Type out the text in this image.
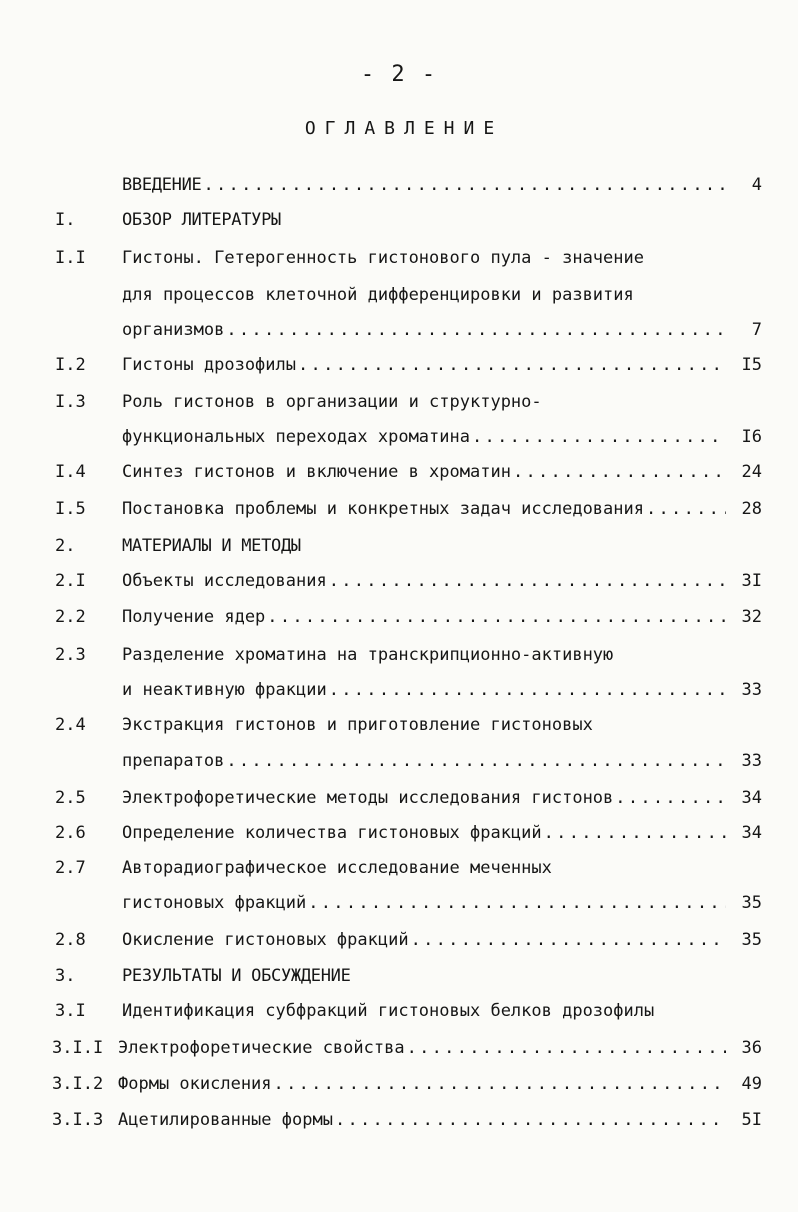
- 2 -
ОГЛАВЛЕНИЕ
ВВЕДЕНИЕ .....	4
I.	ОБЗОР ЛИТЕРАТУРЫ
I.I Гистоны. Гетерогенность гистонового пула - значение
для процессов клеточной дифференцировки и развития
организмов .....	7
I.2 Гистоны дрозофилы .....	I5
I.3 Роль гистонов в организации и структурно-
функциональных переходах хроматина .....	I6
I.4 Синтез гистонов и включение в хроматин .....	24
I.5 Постановка проблемы и конкретных задач исследования .....	28
2.	МАТЕРИАЛЫ И МЕТОДЫ
2.I Объекты исследования .....	3I
2.2 Получение ядер .....	32
2.3 Разделение хроматина на транскрипционно-активную
и неактивную фракции .....	33
2.4 Экстракция гистонов и приготовление гистоновых
препаратов .....	33
2.5 Электрофоретические методы исследования гистонов .....	34
2.6 Определение количества гистоновых фракций .....	34
2.7 Авторадиографическое исследование меченных
гистоновых фракций .....	35
2.8 Окисление гистоновых фракций .....	35
3.	РЕЗУЛЬТАТЫ И ОБСУЖДЕНИЕ
3.I Идентификация субфракций гистоновых белков дрозофилы
3.I.I Электрофоретические свойства .....	36
3.I.2 Формы окисления .....	49
3.I.3 Ацетилированные формы .....	5I
